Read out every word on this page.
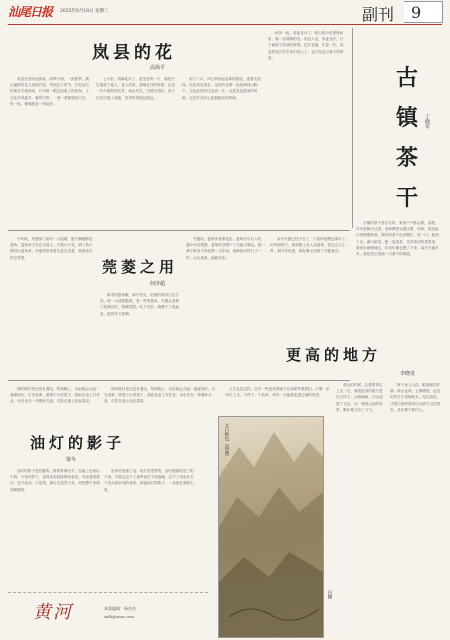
汕尾日报 2025年9月18日 星期三	副刊 9
岚县的花
高海平

岚县在晋西北高原，四季分明，一到夏季，满山遍野的花儿竞相开放。每到这个时节，总有远方的朋友专程前来，只为看一眼这高原上的花海。土豆花开得最早，紫的白的，一垄一垄铺展到天边，风一吹，便像波浪一样起伏。

七月里，胡麻花开了，蓝莹莹的一片，像是天空落到了地上。老人们说，胡麻花开的时候，正是一年中最好的光景，雨水充足，庄稼长得旺。孩子们在田埂上奔跑，笑声传得很远很远。

到了八月，向日葵扬起金黄的脸庞，追着太阳转。站在高处望去，金色的花海一直延伸到山脚下，与远处的村庄连成一片。这是岚县最美的时候，也是乡亲们心里最踏实的时候。

秋风一起，荞麦花开了，粉白的小花密密匝匝，像一层薄薄的雪。岚县人说，荞麦花开，日子就到了收获的时候。花开花落，年复一年，岚县的花开在乡亲们的心上，也开在远方游子的梦里。

古镇茶干
丁晓军

古镇的茶干是有名的，家家户户都会做。清晨，作坊里飘出豆香，老师傅把豆腐压紧、切块，放进卤汁里慢慢熬煮。熬好的茶干色泽酱红，咬一口，韧劲十足，满口留香。配一壶清茶，坐在临河的茶馆里，看河水缓缓流过，时光仿佛也慢了下来。离开古镇多年，我依然记得那一口茶干的味道。

小时候，外婆家门前有一口池塘，夏天满塘都是菱角。菱角叶子浮在水面上，开着小白花，到了秋天便结出菱角来。外婆常常划着木盆去采菱，我就坐在岸边等着。

莞菱之用
何济超

新采的菱角嫩，剥开外壳，里面的果肉白生生的，咬一口清甜脆爽。老一些的菱角，外婆会煮熟了给我们吃，粉糯香甜。吃不完的，就晒干了收起来，留到冬天熬粥。

外婆说，菱角浑身都是宝。菱角壳可以入药，菱叶可以喂猪，菱角的茎晒干了还能当柴烧。她一辈子都舍不得浪费一点东西，就像她对待日子一样，认认真真，踏踏实实。

如今外婆已经不在了，门前的池塘也填平了。可每到秋天，看到街上有人卖菱角，我总会买上一些，剥开来吃着，就好像又回到了外婆身边。

油灯的影子
梁冬

那时候村里还没有通电，每到晚上，母亲就会点起一盏煤油灯。灯光昏黄，照着小小的屋子。我趴在桌上写作业，母亲坐在一旁缝补衣裳，灯影在墙上轻轻摇晃。

油灯的影子是有趣的。我常常伸出手，在墙上比划出小狗、小兔的样子，逗得弟弟妹妹咯咯直笑。母亲看着我们，也不说话，只是笑。那灯光虽然不亮，却把整个家照得暖暖的。

后来村里通了电，电灯亮堂堂的，油灯便被收进了柜子里。可我总忘不了那些油灯下的夜晚，忘不了母亲在灯下低头做针线的身影。那盏油灯的影子，一直留在我的心里。

那时候村里还没有通电，每到晚上，母亲就会点起一盏煤油灯。灯光昏黄，照着小小的屋子。我趴在桌上写作业，母亲坐在一旁缝补衣裳，灯影在墙上轻轻摇晃。

太行秋色（国画）
冯鹏
更高的地方
李晓龙

爬山的时候，总想着再往上走一走，看看更高的地方是什么样子。山路崎岖，汗水湿透了衣衫，可一想到山顶的风景，脚步便又有了力气。

终于登上山顶，眼前豁然开朗。群山连绵，云雾缭绕，远处的村庄小得像积木。站在高处，才明白那些曾经以为跨不过去的坎，其实都不算什么。

人生也是这样。总有一些更高的地方在前面等着我们。只要一步一步往上走，不停下，不放弃，终有一天能看见更辽阔的风景。

黄河	本版编辑：杨东杰
szfk@sina.com
